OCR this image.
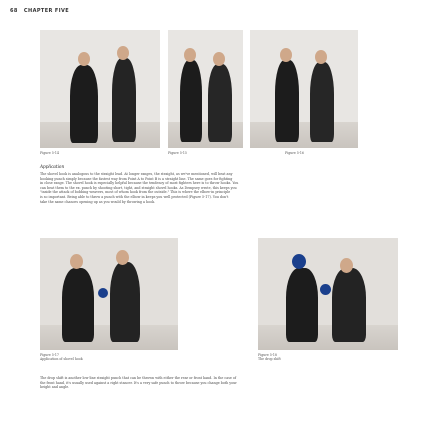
68 CHAPTER FIVE
Figure 5-14	Figure 5-15	Figure 5-16
Application
The shovel hook is analogous to the straight lead. At longer ranges, the straight, as we've mentioned, will beat any
hooking punch simply because the fastest way from Point A to Point B is a straight line. The same goes for fighting
in close range. The shovel hook is especially helpful because the tendency of most fighters here is to throw hooks. You
can beat them to the ex. punch by shooting short, tight, and straight shovel hooks. As Dempsey wrote, this keeps you
"inside the attack of bobbing weavers, most of whom hook from the outside." This is where the elbow-in principle
is so important. Being able to throw a punch with the elbow in keeps you well protected (Figure 5-17). You don't
take the same chances opening up as you would by throwing a hook.
Figure 5-17
Application of shovel hook
Figure 5-18
The drop shift
The drop shift is another low-line straight punch that can be thrown with either the rear or front hand. In the case of
the front hand, it's usually used against a right stancer. It's a very safe punch to throw because you change both your
height and angle.
